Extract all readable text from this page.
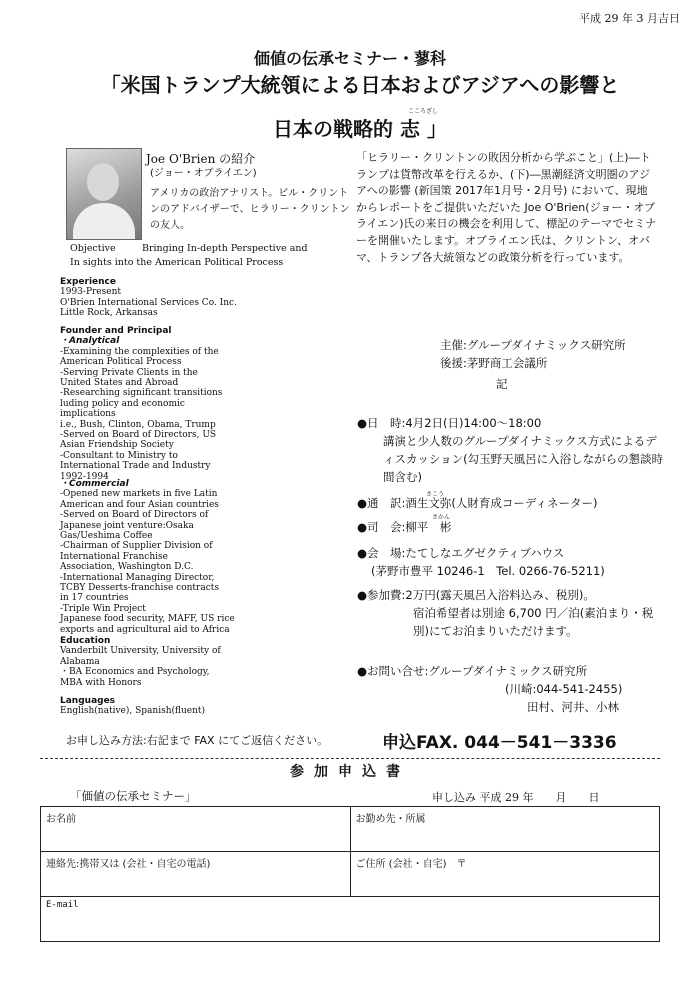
平成 29 年 3 月吉日
価値の伝承セミナー・蓼科
「米国トランプ大統領による日本およびアジアへの影響と
こころざし
日本の戦略的 志 」
Joe O'Brien の紹介
(ジョー・オブライエン)
アメリカの政治アナリスト。ビル・クリントンのアドバイザーで、ヒラリー・クリントンの友人。
Objective	Bringing In-depth Perspective and
In sights into the American Political Process
Experience
1993-Present
O'Brien International Services Co. Inc.
Little Rock, Arkansas
Founder and Principal
・Analytical
-Examining the complexities of the
American Political Process
-Serving Private Clients in the
United States and Abroad
-Researching significant transitions
luding policy and economic
implications
i.e., Bush, Clinton, Obama, Trump
-Served on Board of Directors, US
Asian Friendship Society
-Consultant to Ministry to
International Trade and Industry
1992-1994
・Commercial
-Opened new markets in five Latin
American and four Asian countries
-Served on Board of Directors of
Japanese joint venture:Osaka
Gas/Ueshima Coffee
-Chairman of Supplier Division of
International Franchise
Association, Washington D.C.
-International Managing Director,
TCBY Desserts-franchise contracts
in 17 countries
-Triple Win Project
Japanese food security, MAFF, US rice
exports and agricultural aid to Africa
Education
Vanderbilt University, University of
Alabama
・BA Economics and Psychology,
MBA with Honors
Languages
English(native), Spanish(fluent)
「ヒラリー・クリントンの敗因分析から学ぶこと」(上)―トランプは貨幣改革を行えるか、(下)―黒潮経済文明圏のアジアへの影響 (新国策 2017年1月号・2月号) において、現地からレポートをご提供いただいた Joe O'Brien(ジョー・オブライエン)氏の来日の機会を利用して、標記のテーマでセミナーを開催いたします。オブライエン氏は、クリントン、オバマ、トランプ各大統領などの政策分析を行っています。
主催:グループダイナミックス研究所
後援:茅野商工会議所
記
●日　時:4月2日(日)14:00～18:00
講演と少人数のグループダイナミックス方式によるディスカッション(勾玉野天風呂に入浴しながらの懇談時間含む)
さこう
●通　訳:酒生文弥(人財育成コーディネーター)
さかん
●司　会:柳平　彬
●会　場:たてしなエグゼクティブハウス
(茅野市豊平 10246-1　Tel. 0266-76-5211)
●参加費:2万円(露天風呂入浴料込み、税別)。
宿泊希望者は別途 6,700 円／泊(素泊まり・税別)にてお泊まりいただけます。
●お問い合せ:グループダイナミックス研究所
(川崎:044-541-2455)
田村、河井、小林
お申し込み方法:右記まで FAX にてご返信ください。	申込FAX. 044－541－3336
参加申込書
「価値の伝承セミナー」	申し込み 平成 29 年　　月　　日
お名前	お勤め先・所属
連絡先:携帯又は (会社・自宅の電話)	ご住所 (会社・自宅)　〒
E-mail	
